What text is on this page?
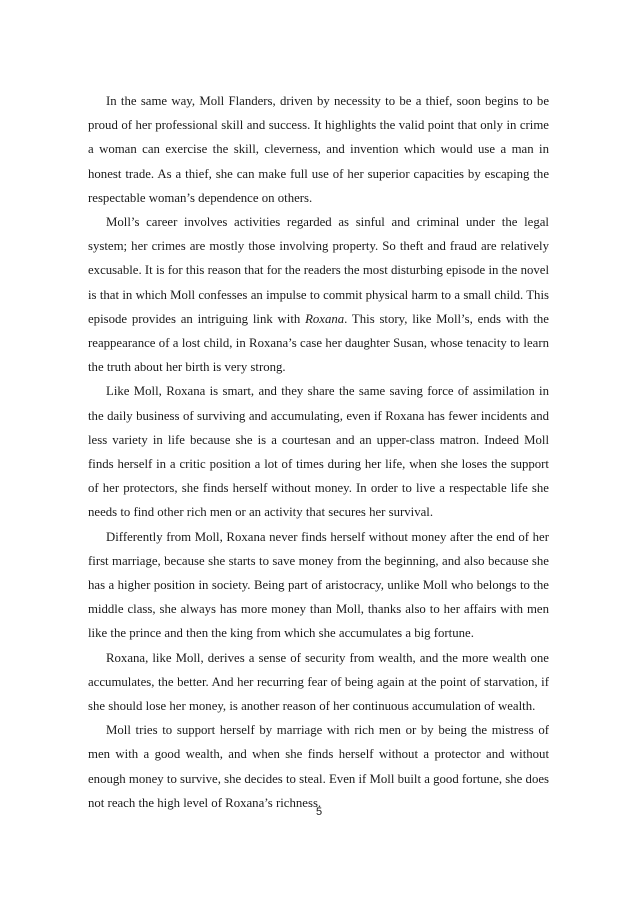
In the same way, Moll Flanders, driven by necessity to be a thief, soon begins to be proud of her professional skill and success. It highlights the valid point that only in crime a woman can exercise the skill, cleverness, and invention which would use a man in honest trade. As a thief, she can make full use of her superior capacities by escaping the respectable woman’s dependence on others.

Moll’s career involves activities regarded as sinful and criminal under the legal system; her crimes are mostly those involving property. So theft and fraud are relatively excusable. It is for this reason that for the readers the most disturbing episode in the novel is that in which Moll confesses an impulse to commit physical harm to a small child. This episode provides an intriguing link with Roxana. This story, like Moll’s, ends with the reappearance of a lost child, in Roxana’s case her daughter Susan, whose tenacity to learn the truth about her birth is very strong.

Like Moll, Roxana is smart, and they share the same saving force of assimilation in the daily business of surviving and accumulating, even if Roxana has fewer incidents and less variety in life because she is a courtesan and an upper-class matron. Indeed Moll finds herself in a critic position a lot of times during her life, when she loses the support of her protectors, she finds herself without money. In order to live a respectable life she needs to find other rich men or an activity that secures her survival.

Differently from Moll, Roxana never finds herself without money after the end of her first marriage, because she starts to save money from the beginning, and also because she has a higher position in society. Being part of aristocracy, unlike Moll who belongs to the middle class, she always has more money than Moll, thanks also to her affairs with men like the prince and then the king from which she accumulates a big fortune.

Roxana, like Moll, derives a sense of security from wealth, and the more wealth one accumulates, the better. And her recurring fear of being again at the point of starvation, if she should lose her money, is another reason of her continuous accumulation of wealth.

Moll tries to support herself by marriage with rich men or by being the mistress of men with a good wealth, and when she finds herself without a protector and without enough money to survive, she decides to steal. Even if Moll built a good fortune, she does not reach the high level of Roxana’s richness.

5
